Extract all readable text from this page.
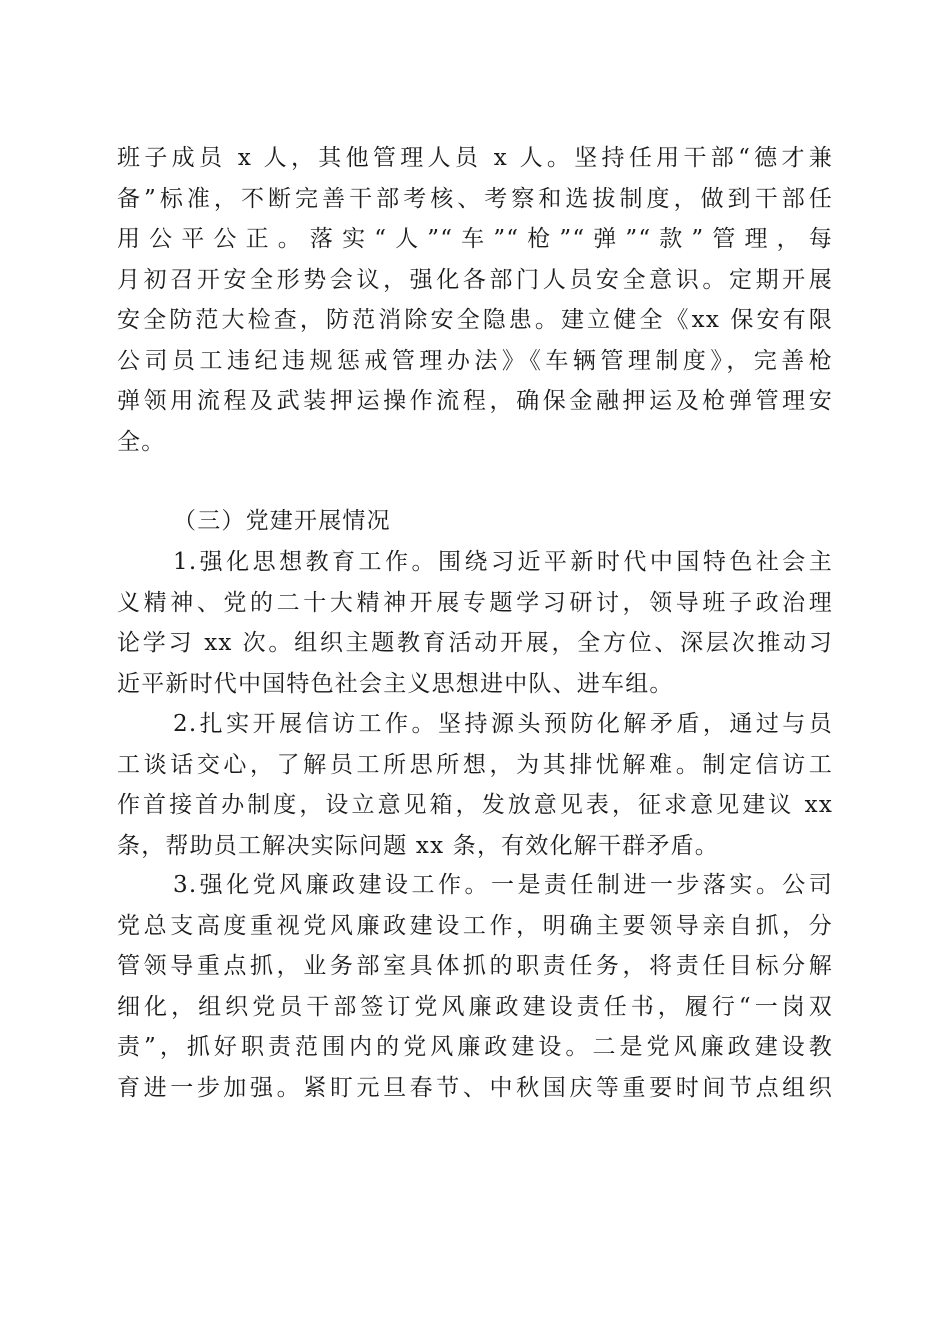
班子成员 x 人，其他管理人员 x 人。坚持任用干部“德才兼
备”标准，不断完善干部考核、考察和选拔制度，做到干部任
用公平公正。落实“人”“车”“枪”“弹”“款”管理，每
月初召开安全形势会议，强化各部门人员安全意识。定期开展
安全防范大检查，防范消除安全隐患。建立健全《xx 保安有限
公司员工违纪违规惩戒管理办法》《车辆管理制度》，完善枪
弹领用流程及武装押运操作流程，确保金融押运及枪弹管理安
全。
（三）党建开展情况
1.强化思想教育工作。围绕习近平新时代中国特色社会主
义精神、党的二十大精神开展专题学习研讨，领导班子政治理
论学习 xx 次。组织主题教育活动开展，全方位、深层次推动习
近平新时代中国特色社会主义思想进中队、进车组。
2.扎实开展信访工作。坚持源头预防化解矛盾，通过与员
工谈话交心，了解员工所思所想，为其排忧解难。制定信访工
作首接首办制度，设立意见箱，发放意见表，征求意见建议 xx
条，帮助员工解决实际问题 xx 条，有效化解干群矛盾。
3.强化党风廉政建设工作。一是责任制进一步落实。公司
党总支高度重视党风廉政建设工作，明确主要领导亲自抓，分
管领导重点抓，业务部室具体抓的职责任务，将责任目标分解
细化，组织党员干部签订党风廉政建设责任书，履行“一岗双
责”，抓好职责范围内的党风廉政建设。二是党风廉政建设教
育进一步加强。紧盯元旦春节、中秋国庆等重要时间节点组织
